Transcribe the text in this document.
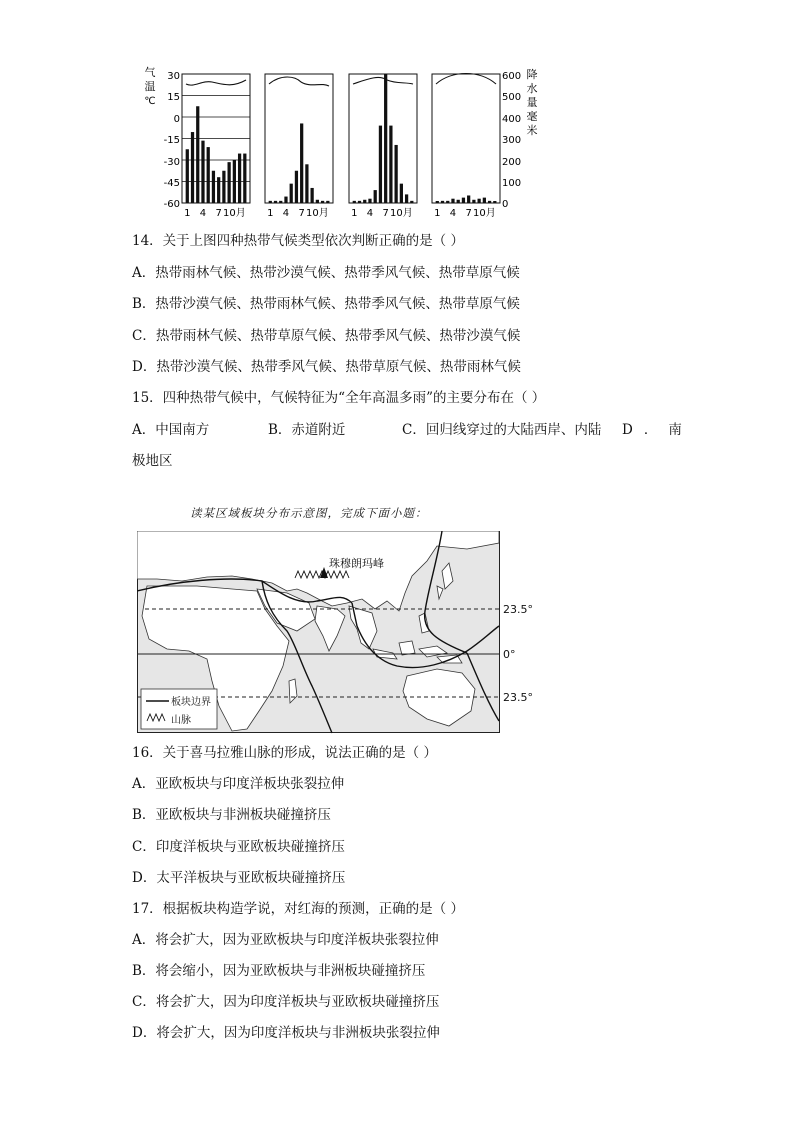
气
温
℃
30
15
0
-15
-30
-45
-60
600
500
400
300
200
100
0
降
水
量
毫
米
1 4 7 10月 1 4 7 10月 1 4 7 10月 1 4 7 10月
14．关于上图四种热带气候类型依次判断正确的是（ ）
A．热带雨林气候、热带沙漠气候、热带季风气候、热带草原气候
B．热带沙漠气候、热带雨林气候、热带季风气候、热带草原气候
C．热带雨林气候、热带草原气候、热带季风气候、热带沙漠气候
D．热带沙漠气候、热带季风气候、热带草原气候、热带雨林气候
15．四种热带气候中，气候特征为“全年高温多雨”的主要分布在（ ）
A．中国南方	B．赤道附近	C．回归线穿过的大陆西岸、内陆 D．南
极地区
读某区域板块分布示意图，完成下面小题：
珠穆朗玛峰
23.5°
0°
23.5°
板块边界
山脉
16．关于喜马拉雅山脉的形成，说法正确的是（ ）
A．亚欧板块与印度洋板块张裂拉伸
B．亚欧板块与非洲板块碰撞挤压
C．印度洋板块与亚欧板块碰撞挤压
D．太平洋板块与亚欧板块碰撞挤压
17．根据板块构造学说，对红海的预测，正确的是（ ）
A．将会扩大，因为亚欧板块与印度洋板块张裂拉伸
B．将会缩小，因为亚欧板块与非洲板块碰撞挤压
C．将会扩大，因为印度洋板块与亚欧板块碰撞挤压
D．将会扩大，因为印度洋板块与非洲板块张裂拉伸
